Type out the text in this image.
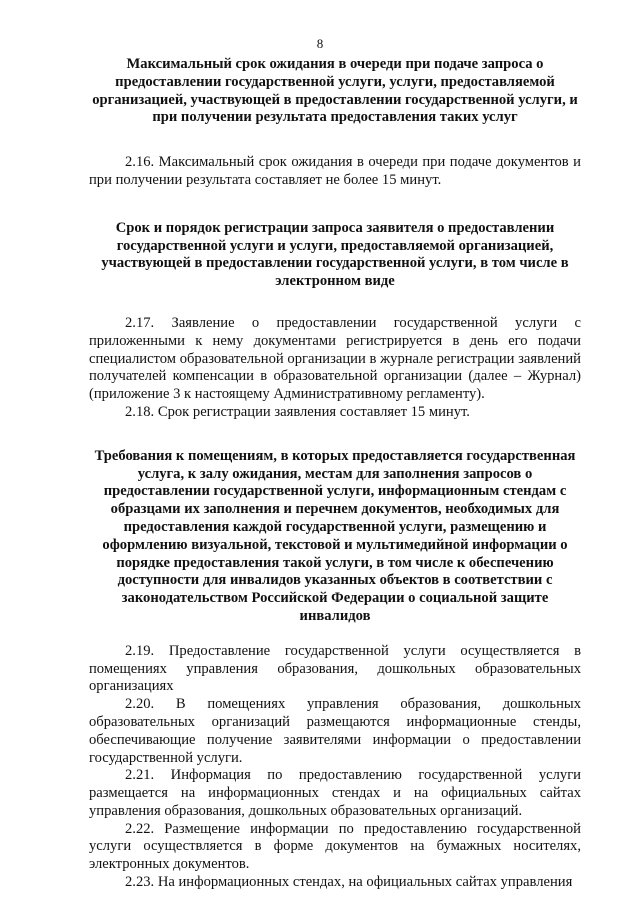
8
Максимальный срок ожидания в очереди при подаче запроса о предоставлении государственной услуги, услуги, предоставляемой организацией, участвующей в предоставлении государственной услуги, и при получении результата предоставления таких услуг

2.16. Максимальный срок ожидания в очереди при подаче документов и при получении результата составляет не более 15 минут.

Срок и порядок регистрации запроса заявителя о предоставлении государственной услуги и услуги, предоставляемой организацией, участвующей в предоставлении государственной услуги, в том числе в электронном виде

2.17. Заявление о предоставлении государственной услуги с приложенными к нему документами регистрируется в день его подачи специалистом образовательной организации в журнале регистрации заявлений получателей компенсации в образовательной организации (далее – Журнал) (приложение 3 к настоящему Административному регламенту).

2.18. Срок регистрации заявления составляет 15 минут.

Требования к помещениям, в которых предоставляется государственная услуга, к залу ожидания, местам для заполнения запросов о предоставлении государственной услуги, информационным стендам с образцами их заполнения и перечнем документов, необходимых для предоставления каждой государственной услуги, размещению и оформлению визуальной, текстовой и мультимедийной информации о порядке предоставления такой услуги, в том числе к обеспечению доступности для инвалидов указанных объектов в соответствии с законодательством Российской Федерации о социальной защите инвалидов

2.19. Предоставление государственной услуги осуществляется в помещениях управления образования, дошкольных образовательных организациях

2.20. В помещениях управления образования, дошкольных образовательных организаций размещаются информационные стенды, обеспечивающие получение заявителями информации о предоставлении государственной услуги.

2.21. Информация по предоставлению государственной услуги размещается на информационных стендах и на официальных сайтах управления образования, дошкольных образовательных организаций.

2.22. Размещение информации по предоставлению государственной услуги осуществляется в форме документов на бумажных носителях, электронных документов.

2.23. На информационных стендах, на официальных сайтах управления
